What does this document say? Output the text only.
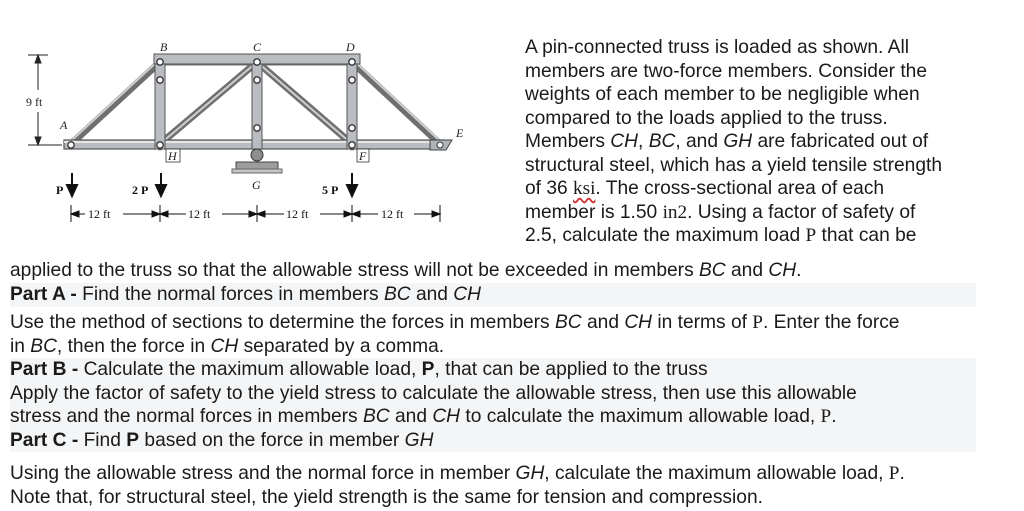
A
B	C	D
E
H	F
G
9 ft
P	2 P	5 P
12 ft	12 ft	12 ft	12 ft
A pin-connected truss is loaded as shown. All
members are two-force members. Consider the
weights of each member to be negligible when
compared to the loads applied to the truss.
Members CH, BC, and GH are fabricated out of
structural steel, which has a yield tensile strength
of 36 ksi. The cross-sectional area of each
member is 1.50 in2. Using a factor of safety of
2.5, calculate the maximum load P that can be
applied to the truss so that the allowable stress will not be exceeded in members BC and CH.
Part A - Find the normal forces in members BC and CH
Use the method of sections to determine the forces in members BC and CH in terms of P. Enter the force
in BC, then the force in CH separated by a comma.
Part B - Calculate the maximum allowable load, P, that can be applied to the truss
Apply the factor of safety to the yield stress to calculate the allowable stress, then use this allowable
stress and the normal forces in members BC and CH to calculate the maximum allowable load, P.
Part C - Find P based on the force in member GH
Using the allowable stress and the normal force in member GH, calculate the maximum allowable load, P.
Note that, for structural steel, the yield strength is the same for tension and compression.
